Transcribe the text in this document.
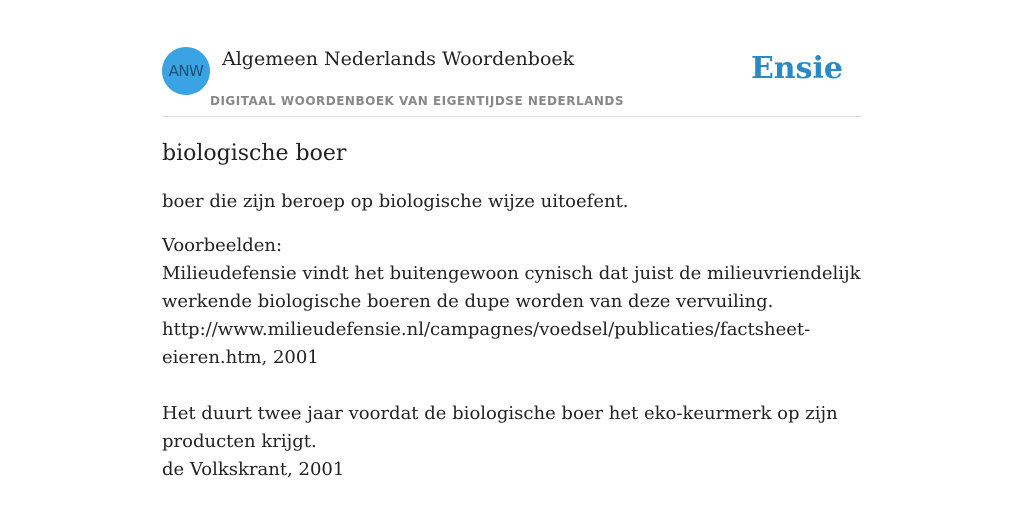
ANW
Algemeen Nederlands Woordenboek
DIGITAAL WOORDENBOEK VAN EIGENTIJDSE NEDERLANDS
Ensie
biologische boer

boer die zijn beroep op biologische wijze uitoefent.

Voorbeelden:
Milieudefensie vindt het buitengewoon cynisch dat juist de milieuvriendelijk werkende biologische boeren de dupe worden van deze vervuiling.
http://www.milieudefensie.nl/campagnes/voedsel/publicaties/factsheet-eieren.htm, 2001
Het duurt twee jaar voordat de biologische boer het eko-keurmerk op zijn producten krijgt.
de Volkskrant, 2001
